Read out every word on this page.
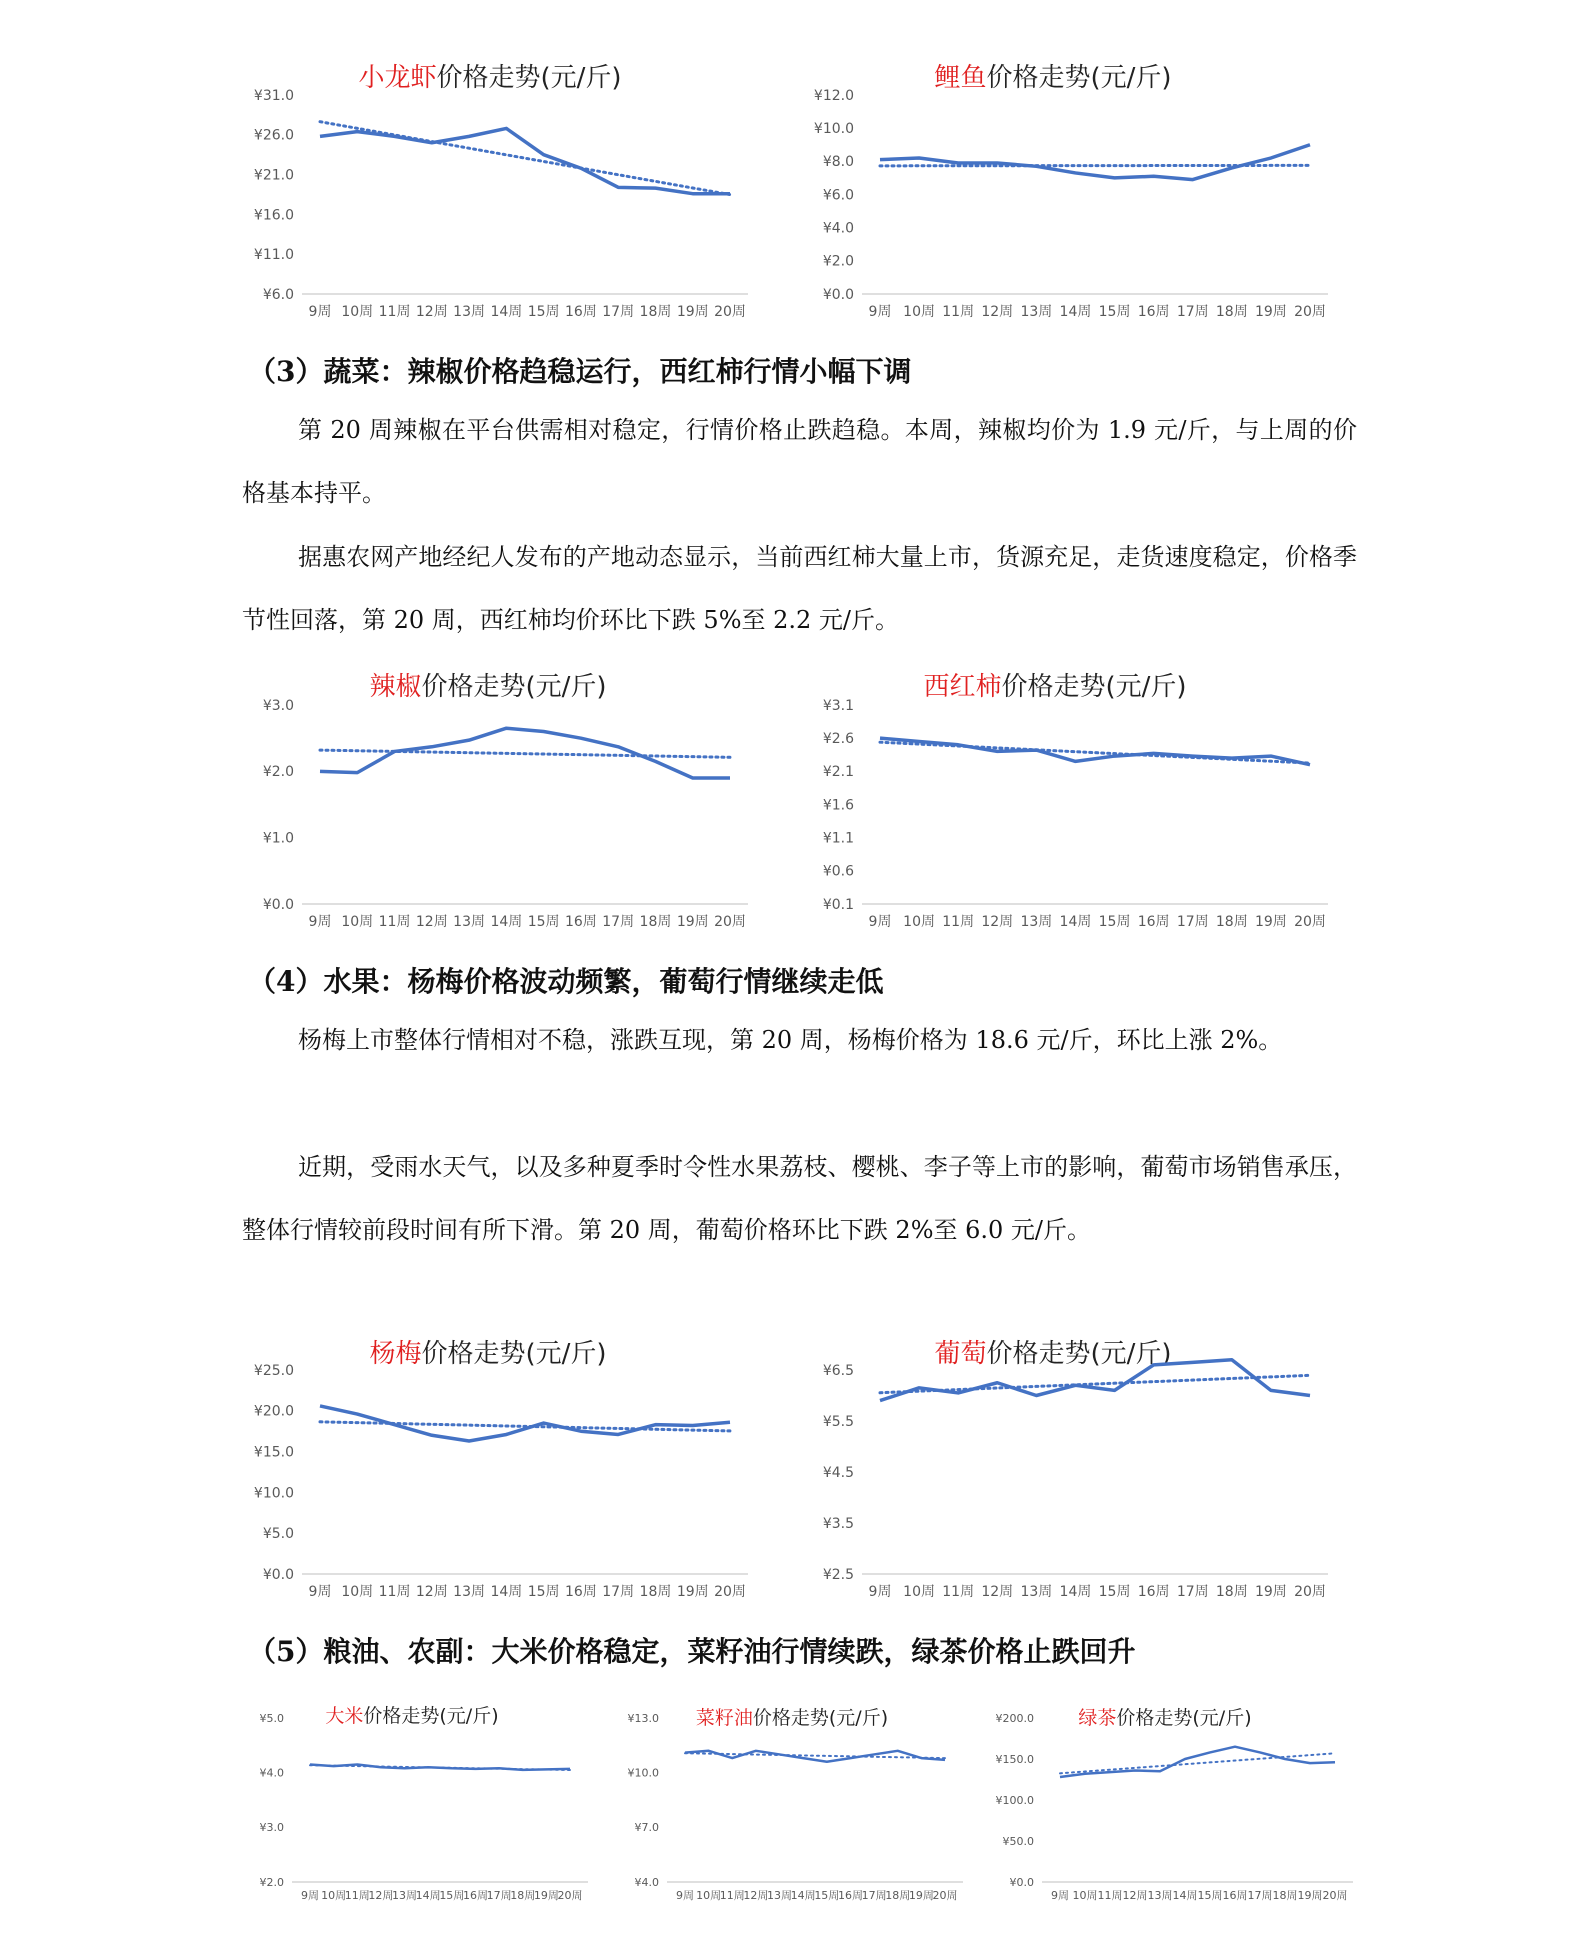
小龙虾价格走势(元/斤)
¥6.0
¥11.0
¥16.0
¥21.0
¥26.0
¥31.0
9周 10周 11周 12周 13周 14周 15周 16周 17周 18周 19周 20周
鲤鱼价格走势(元/斤)
¥0.0
¥2.0
¥4.0
¥6.0
¥8.0
¥10.0
¥12.0
9周 10周 11周 12周 13周 14周 15周 16周 17周 18周 19周 20周
辣椒价格走势(元/斤)
¥0.0
¥1.0
¥2.0
¥3.0
9周 10周 11周 12周 13周 14周 15周 16周 17周 18周 19周 20周
西红柿价格走势(元/斤)
¥0.1
¥0.6
¥1.1
¥1.6
¥2.1
¥2.6
¥3.1
9周 10周 11周 12周 13周 14周 15周 16周 17周 18周 19周 20周
杨梅价格走势(元/斤)
¥0.0
¥5.0
¥10.0
¥15.0
¥20.0
¥25.0
9周 10周 11周 12周 13周 14周 15周 16周 17周 18周 19周 20周
葡萄价格走势(元/斤)
¥2.5
¥3.5
¥4.5
¥5.5
¥6.5
9周 10周 11周 12周 13周 14周 15周 16周 17周 18周 19周 20周
大米价格走势(元/斤)
¥2.0
¥3.0
¥4.0
¥5.0
9周 10周
11周
12周
13周
14周
15周
16周
17周
18周
19周
20周
菜籽油价格走势(元/斤)
¥4.0
¥7.0
¥10.0
¥13.0
9周 10周
11周
12周
13周
14周
15周
16周
17周
18周
19周
20周
绿茶价格走势(元/斤)
¥0.0
¥50.0
¥100.0
¥150.0
¥200.0
9周 10周 11周 12周 13周 14周 15周 16周 17周 18周 19周 20周
（3）蔬菜：辣椒价格趋稳运行，西红柿行情小幅下调

第 20 周辣椒在平台供需相对稳定，行情价格止跌趋稳。本周，辣椒均价为 1.9 元/斤，与上周的价格基本持平。

据惠农网产地经纪人发布的产地动态显示，当前西红柿大量上市，货源充足，走货速度稳定，价格季节性回落，第 20 周，西红柿均价环比下跌 5%至 2.2 元/斤。

（4）水果：杨梅价格波动频繁，葡萄行情继续走低

杨梅上市整体行情相对不稳，涨跌互现，第 20 周，杨梅价格为 18.6 元/斤，环比上涨 2%。

近期，受雨水天气，以及多种夏季时令性水果荔枝、樱桃、李子等上市的影响，葡萄市场销售承压，整体行情较前段时间有所下滑。第 20 周，葡萄价格环比下跌 2%至 6.0 元/斤。

（5）粮油、农副：大米价格稳定，菜籽油行情续跌，绿茶价格止跌回升
